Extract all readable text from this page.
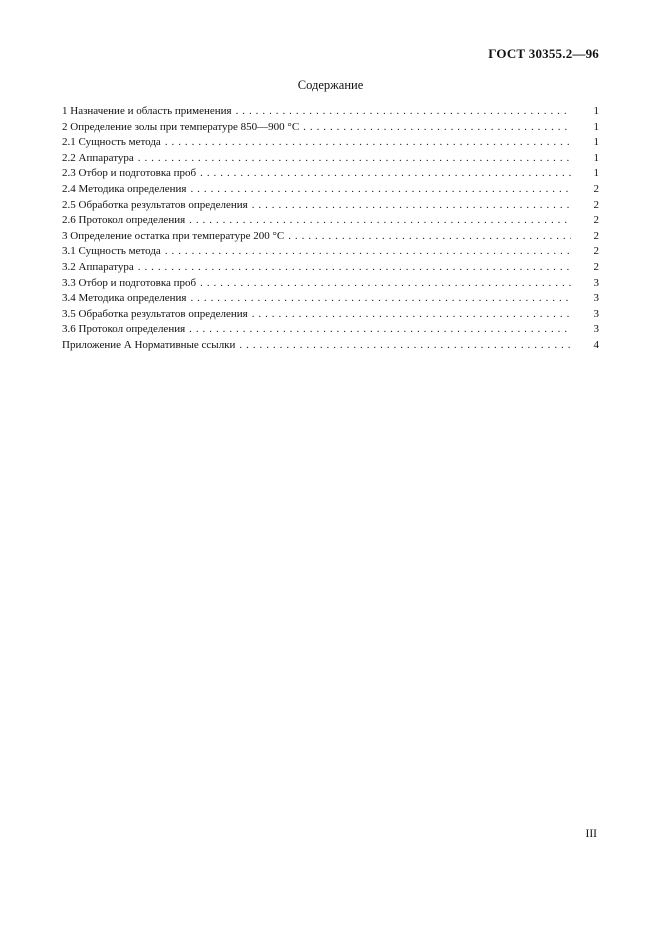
ГОСТ 30355.2—96
Содержание
1 Назначение и область применения . . .	1
2 Определение золы при температуре 850—900 °С . . .	1
2.1 Сущность метода . . .	1
2.2 Аппаратура . . .	1
2.3 Отбор и подготовка проб . . .	1
2.4 Методика определения . . .	2
2.5 Обработка результатов определения . . .	2
2.6 Протокол определения . . .	2
3 Определение остатка при температуре 200 °С . . .	2
3.1 Сущность метода . . .	2
3.2 Аппаратура . . .	2
3.3 Отбор и подготовка проб . . .	3
3.4 Методика определения . . .	3
3.5 Обработка результатов определения . . .	3
3.6 Протокол определения . . .	3
Приложение А Нормативные ссылки . . .	4
III
